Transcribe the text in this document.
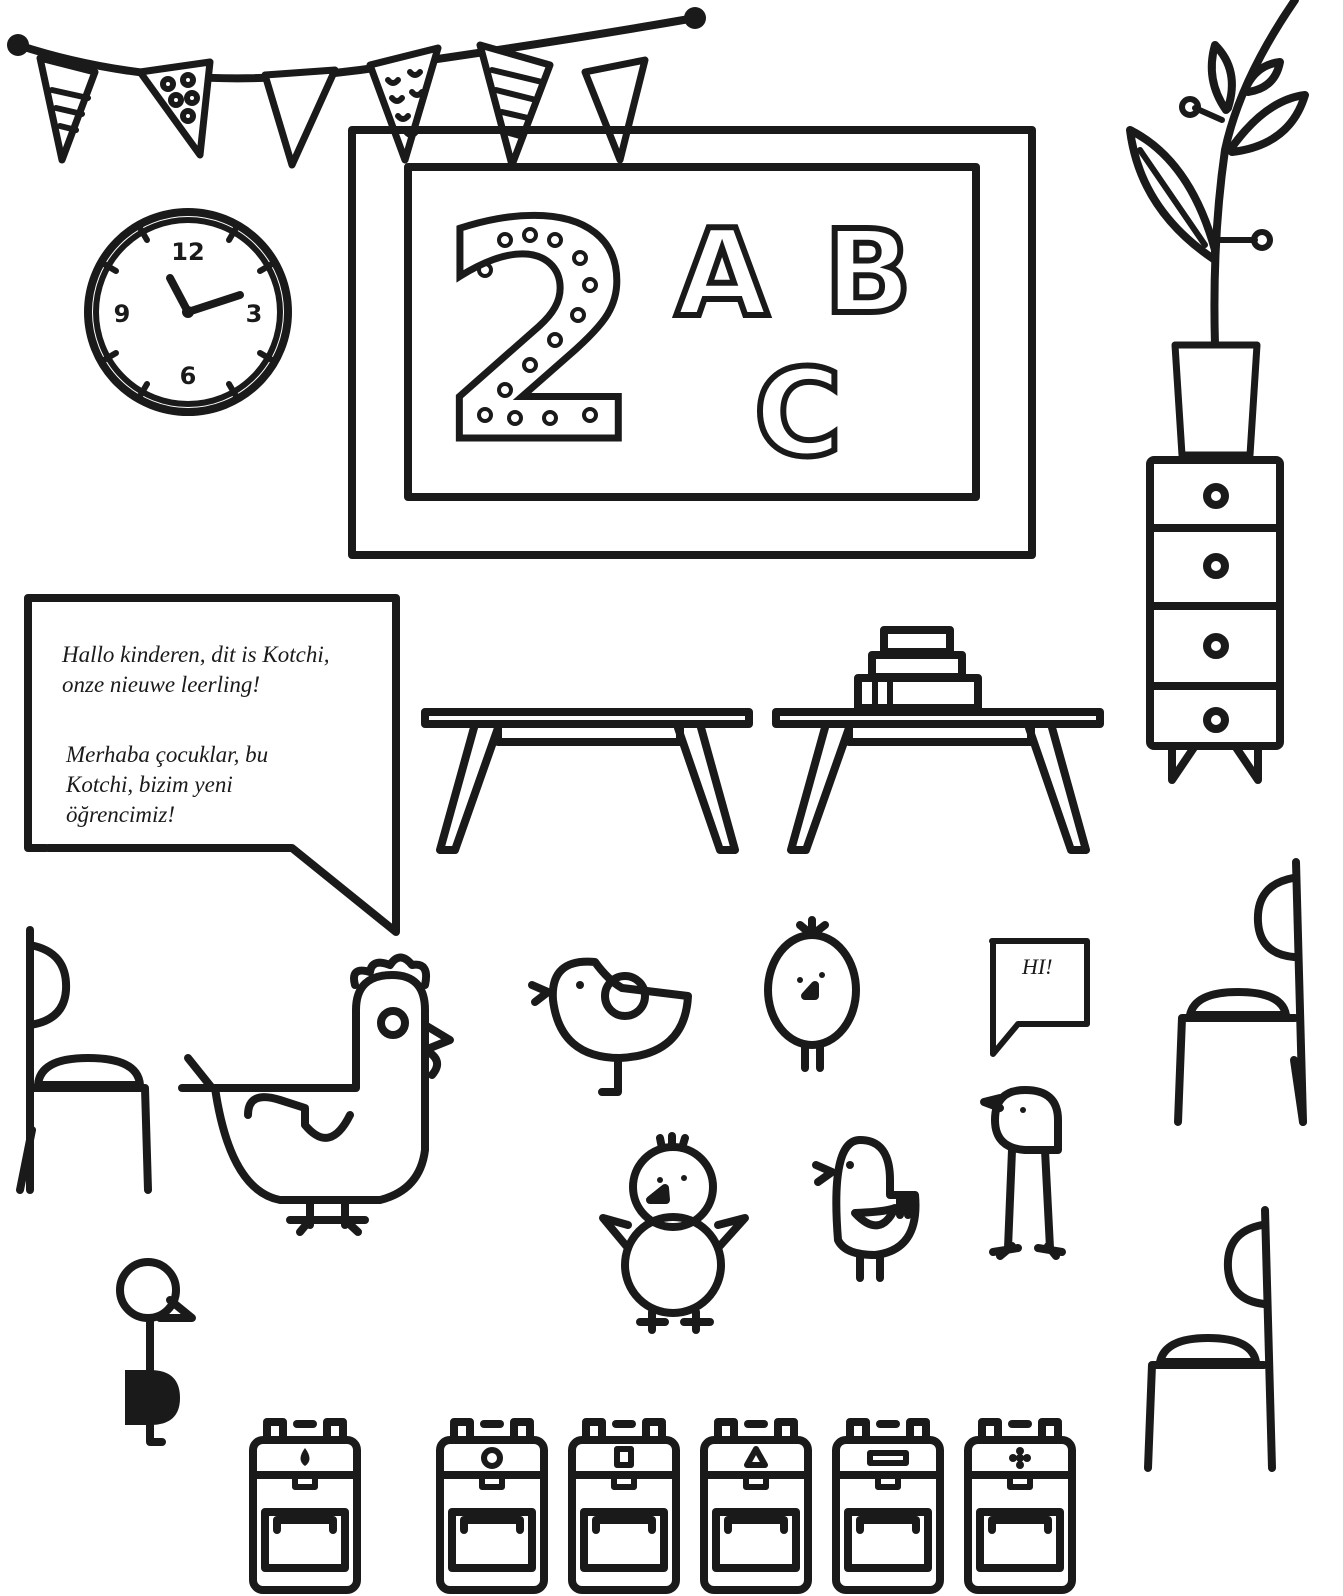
12
3
6
9 2 A B
C
Hallo kinderen, dit is Kotchi, onze nieuwe leerling!
Merhaba çocuklar, bu Kotchi, bizim yeni öğrencimiz!
HI!
